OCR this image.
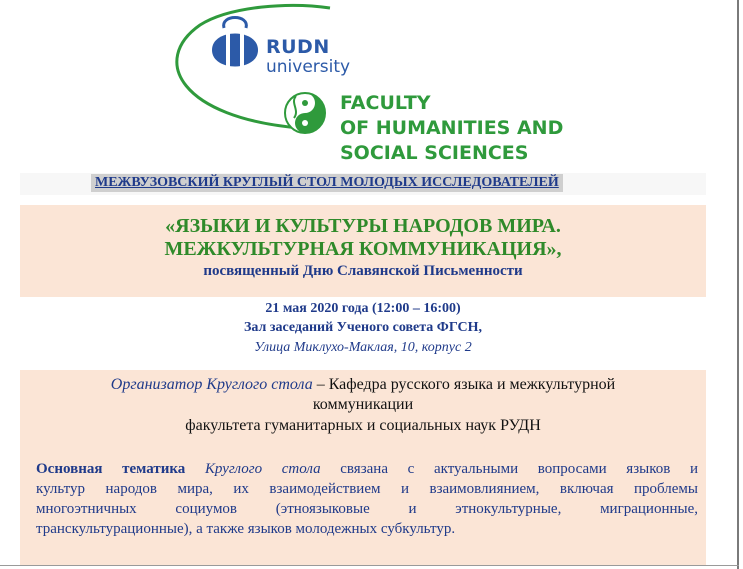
RUDN
university
FACULTY
OF HUMANITIES AND
SOCIAL SCIENCES
МЕЖВУЗОВСКИЙ КРУГЛЫЙ СТОЛ МОЛОДЫХ ИССЛЕДОВАТЕЛЕЙ
«ЯЗЫКИ И КУЛЬТУРЫ НАРОДОВ МИРА.
МЕЖКУЛЬТУРНАЯ КОММУНИКАЦИЯ»,
посвященный Дню Славянской Письменности
21 мая 2020 года (12:00 – 16:00)
Зал заседаний Ученого совета ФГСН,
Улица Миклухо-Маклая, 10, корпус 2
Организатор Круглого стола – Кафедра русского языка и межкультурной
коммуникации
факультета гуманитарных и социальных наук РУДН
Основная тематика Круглого стола связана с актуальными вопросами языков и
культур народов мира, их взаимодействием и взаимовлиянием, включая проблемы
многоэтничных социумов (этноязыковые и этнокультурные, миграционные,
транскультурационные), а также языков молодежных субкультур.
